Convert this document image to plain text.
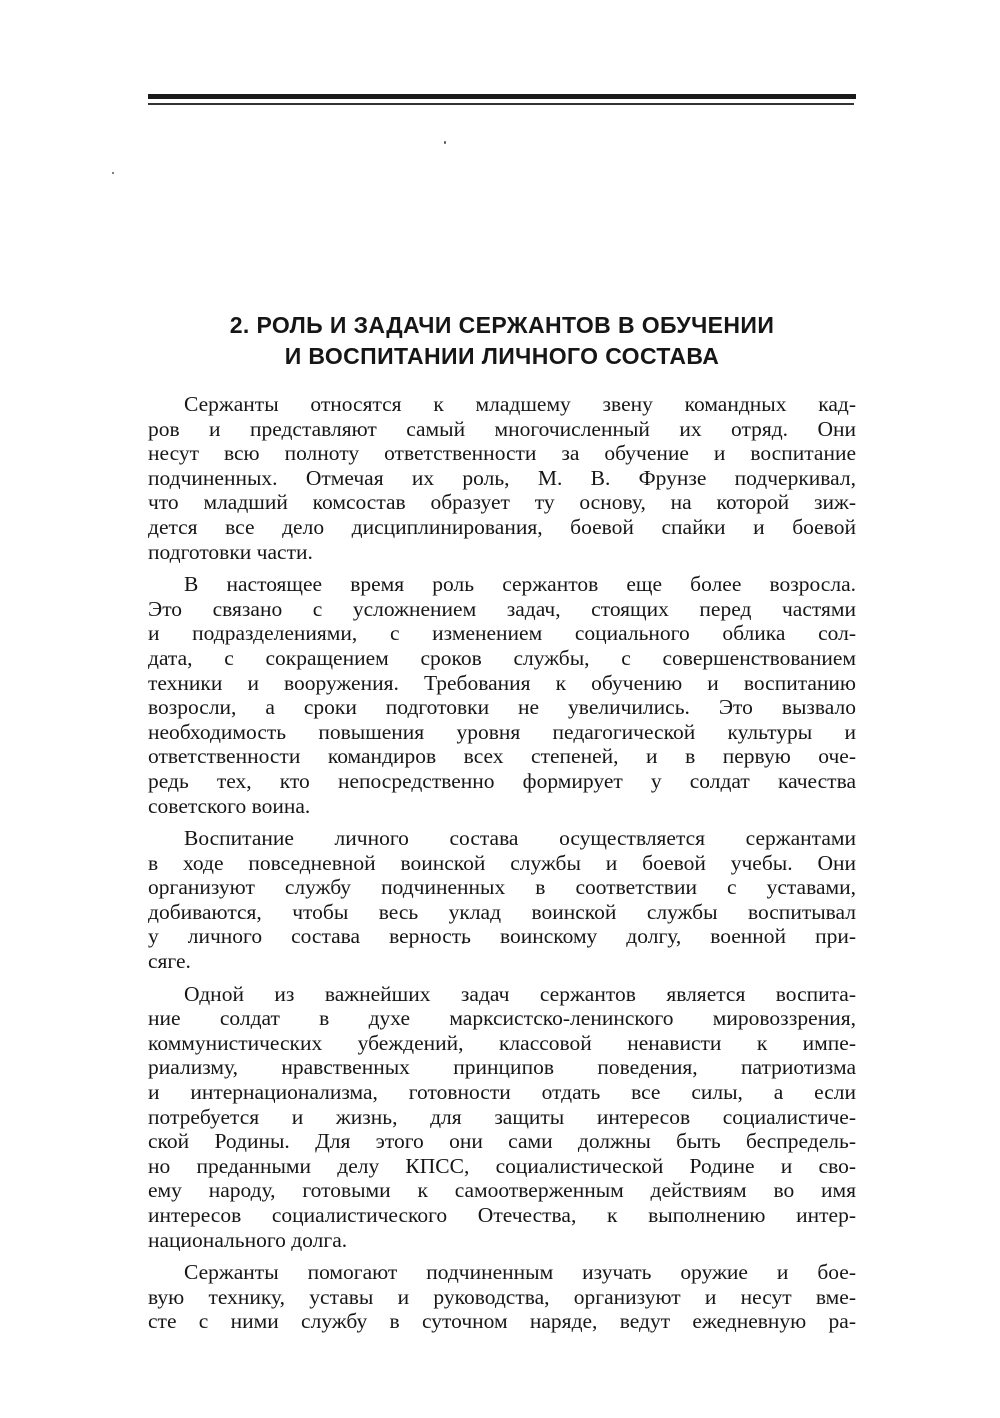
2. РОЛЬ И ЗАДАЧИ СЕРЖАНТОВ В ОБУЧЕНИИ
И ВОСПИТАНИИ ЛИЧНОГО СОСТАВА
Сержанты относятся к младшему звену командных кад-
ров и представляют самый многочисленный их отряд. Они
несут всю полноту ответственности за обучение и воспитание
подчиненных. Отмечая их роль, М. В. Фрунзе подчеркивал,
что младший комсостав образует ту основу, на которой зиж-
дется все дело дисциплинирования, боевой спайки и боевой
подготовки части.
В настоящее время роль сержантов еще более возросла.
Это связано с усложнением задач, стоящих перед частями
и подразделениями, с изменением социального облика сол-
дата, с сокращением сроков службы, с совершенствованием
техники и вооружения. Требования к обучению и воспитанию
возросли, а сроки подготовки не увеличились. Это вызвало
необходимость повышения уровня педагогической культуры и
ответственности командиров всех степеней, и в первую оче-
редь тех, кто непосредственно формирует у солдат качества
советского воина.
Воспитание личного состава осуществляется сержантами
в ходе повседневной воинской службы и боевой учебы. Они
организуют службу подчиненных в соответствии с уставами,
добиваются, чтобы весь уклад воинской службы воспитывал
у личного состава верность воинскому долгу, военной при-
сяге.
Одной из важнейших задач сержантов является воспита-
ние солдат в духе марксистско-ленинского мировоззрения,
коммунистических убеждений, классовой ненависти к импе-
риализму, нравственных принципов поведения, патриотизма
и интернационализма, готовности отдать все силы, а если
потребуется и жизнь, для защиты интересов социалистиче-
ской Родины. Для этого они сами должны быть беспредель-
но преданными делу КПСС, социалистической Родине и сво-
ему народу, готовыми к самоотверженным действиям во имя
интересов социалистического Отечества, к выполнению интер-
национального долга.
Сержанты помогают подчиненным изучать оружие и бое-
вую технику, уставы и руководства, организуют и несут вме-
сте с ними службу в суточном наряде, ведут ежедневную ра-
